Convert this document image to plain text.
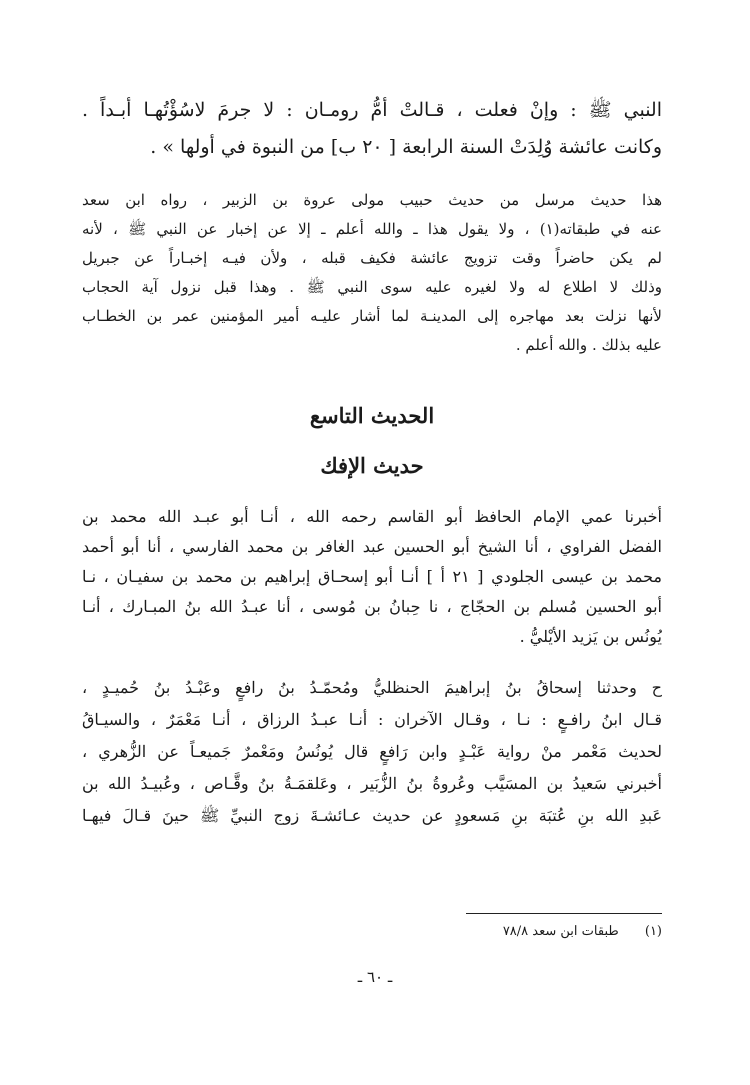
النبي ﷺ : وإنْ فعلت ، قـالتْ أمُّ رومـان : لا جرمَ لاسُؤْتُهـا أبـداً .
وكانت عائشة وُلِدَتْ السنة الرابعة [ ٢٠ ب] من النبوة في أولها » .
هذا حديث مرسل من حديث حبيب مولى عروة بن الزبير ، رواه ابن سعد
عنه في طبقاته(١) ، ولا يقول هذا ـ والله أعلم ـ إلا عن إخبار عن النبي ﷺ ، لأنه
لم يكن حاضراً وقت تزويج عائشة فكيف قبله ، ولأن فيـه إخبـاراً عن جبريل
وذلك لا اطلاع له ولا لغيره عليه سوى النبي ﷺ . وهذا قبل نزول آية الحجاب
لأنها نزلت بعد مهاجره إلى المدينـة لما أشار عليـه أمير المؤمنين عمر بن الخطـاب
عليه بذلك . والله أعلم .
الحديث التاسع
حديث الإفك
أخبرنا عمي الإمام الحافظ أبو القاسم رحمه الله ، أنـا أبو عبـد الله محمد بن
الفضل الفراوي ، أنا الشيخ أبو الحسين عبد الغافر بن محمد الفارسي ، أنا أبو أحمد
محمد بن عيسى الجلودي [ ٢١ أ ] أنـا أبو إسحـاق إبراهيم بن محمد بن سفيـان ، نـا
أبو الحسين مُسلم بن الحجّاج ، نا حِبانُ بن مُوسى ، أنا عبـدُ الله بنُ المبـارك ، أنـا
يُونُس بن يَزيد الأيْليُّ .
ح وحدثنا إسحاقُ بنُ إبراهيمَ الحنظليُّ ومُحمّـدُ بنُ رافعٍ وعَبْـدُ بنُ حُميـدٍ ،
قـال ابنُ رافـعٍ : نـا ، وقـال الآخران : أنـا عبـدُ الرزاق ، أنـا مَعْمَرٌ ، والسيـاقُ
لحديث مَعْمر منْ رواية عَبْـدٍ وابن رَافعٍ قال يُونُسُ ومَعْمرٌ جَميعـاً عن الزُّهري ،
أخبرني سَعيدُ بن المسَيَّب وعُروةُ بنُ الزُّبَير ، وعَلقمَـةُ بنُ وقَّـاص ، وعُبيـدُ الله بن
عَبدِ الله بنِ عُتبَة بنِ مَسعودٍ عن حديث عـائشـةَ زوج النبيِّ ﷺ حينَ قـالَ فيهـا
(١) طبقات ابن سعد ٧٨/٨
ـ ٦٠ ـ
